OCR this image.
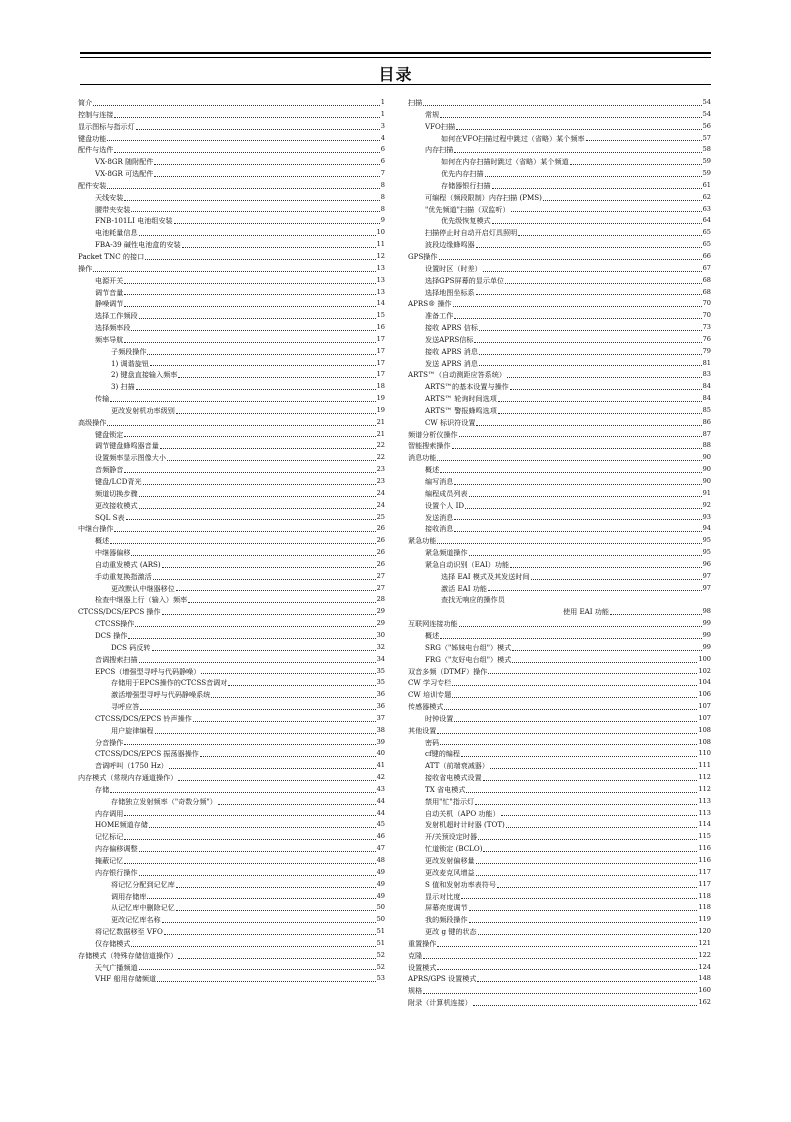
目录
简介	1
控制与连接	1
显示图标与指示灯	3
键盘功能	4
配件与选件	6
VX-8GR 随附配件	6
VX-8GR 可选配件	7
配件安装	8
天线安装	8
腰带夹安装	8
FNB-101LI 电池组安装	9
电池耗量信息	10
FBA-39 碱性电池盒的安装	11
Packet TNC 的接口	12
操作	13
电源开关	13
调节音量	13
静噪调节	14
选择工作频段	15
选择频率段	16
频率导航	17
子频段操作	17
1) 调谐旋钮	17
2) 键盘直接输入频率	17
3) 扫描	18
传输	19
更改发射机功率级别	19
高级操作	21
键盘锁定	21
调节键盘蜂鸣器音量	22
设置频率显示图像大小	22
音频静音	23
键盘/LCD背光	23
频道切换步骤	24
更改接收模式	24
SQL S表	25
中继台操作	26
概述	26
中继器偏移	26
自动重发模式 (ARS)	26
手动重复换指激活	27
更改默认中继器移位	27
检查中继器上行（输入）频率	28
CTCSS/DCS/EPCS 操作	29
CTCSS操作	29
DCS 操作	30
DCS 码反转	32
音调搜索扫描	34
EPCS（增强型寻呼与代码静噪）	35
存储用于EPCS操作的CTCSS音调对	35
激活增强型寻呼与代码静噪系统	36
寻呼应答	36
CTCSS/DCS/EPCS 铃声操作	37
用户旋律编程	38
分音操作	39
CTCSS/DCS/EPCS 振荡器操作	40
音调呼叫（1750 Hz）	41
内存模式（常规内存通道操作）	42
存储	43
存储独立发射频率（"奇数分频"）	44
内存调用	44
HOME频道存储	45
记忆标记	46
内存偏移调整	47
掩蔽记忆	48
内存银行操作	49
将记忆分配到记忆库	49
调用存储库	49
从记忆库中删除记忆	50
更改记忆库名称	50
将记忆数据移至 VFO	51
仅存储模式	51
存储模式（特殊存储信道操作）	52
天气广播频道	52
VHF 船用存储频道	53
扫描	54
常规	54
VFO扫描	56
如何在VFO扫描过程中跳过（省略）某个频率	57
内存扫描	58
如何在内存扫描时跳过（省略）某个频道	59
优先内存扫描	59
存储器银行扫描	61
可编程（频段限制）内存扫描 (PMS)	62
"优先频道"扫描（双监听）	63
优先级恢复模式	64
扫描停止时自动开启灯具照明	65
波段边缘蜂鸣器	65
GPS操作	66
设置时区（时差）	67
选择GPS屏幕的显示单位	68
选择地图坐标系	68
APRS® 操作	70
准备工作	70
接收 APRS 信标	73
发送APRS信标	76
接收 APRS 消息	79
发送 APRS 消息	81
ARTS™（自动测距应答系统）	83
ARTS™的基本设置与操作	84
ARTS™ 轮询时间选项	84
ARTS™ 警报蜂鸣选项	85
CW 标识符设置	86
频谱分析仪操作	87
智能搜索操作	88
消息功能	90
概述	90
编写消息	90
编程成员列表	91
设置个人 ID	92
发送消息	93
接收消息	94
紧急功能	95
紧急频道操作	95
紧急自动识别（EAI）功能	96
选择 EAI 模式及其发送时间	97
激活 EAI 功能	97
查找无响应的操作员
使用 EAI 功能	98
互联网连接功能	99
概述	99
SRG（"姊妹电台组"）模式	99
FRG（"友好电台组"）模式	100
双音多频（DTMF）操作	102
CW 学习专栏	104
CW 培训专题	106
传感器模式	107
时钟设置	107
其他设置	108
密码	108
cf键的编程	110
ATT（前端衰减器）	111
接收省电模式设置	112
TX 省电模式	112
禁用"忙"指示灯	113
自动关机（APO 功能）	113
发射机超时计时器 (TOT)	114
开/关预设定时器	115
忙道锁定 (BCLO)	116
更改发射偏移量	116
更改麦克风增益	117
S 值和发射功率表符号	117
显示对比度	118
屏幕亮度调节	118
我的频段操作	119
更改 g 键的状态	120
重置操作	121
克隆	122
设置模式	124
APRS/GPS 设置模式	148
规格	160
附录（计算机连接）	162
